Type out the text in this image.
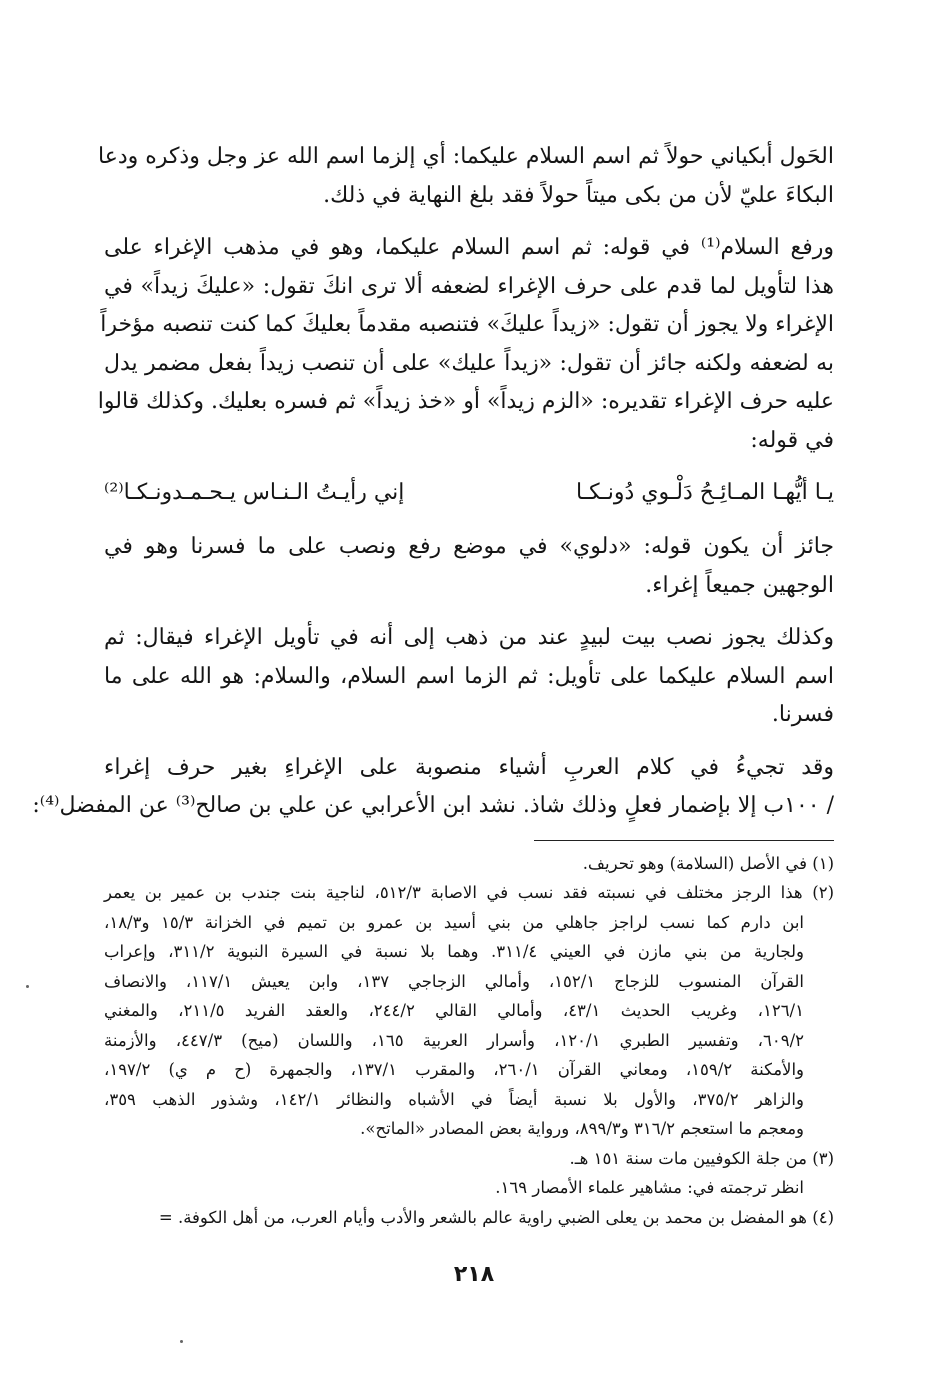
الحَول أبكياني حولاً ثم اسم السلام عليكما: أي إلزما اسم الله عز وجل وذكره ودعا
البكاءَ عليّ لأن من بكى ميتاً حولاً فقد بلغ النهاية في ذلك.
ورفع السلام⁽¹⁾ في قوله: ثم اسم السلام عليكما، وهو في مذهب الإغراء على
هذا لتأويل لما قدم على حرف الإغراء لضعفه ألا ترى انكَ تقول: «عليكَ زيداً» في
الإغراء ولا يجوز أن تقول: «زيداً عليكَ» فتنصبه مقدماً بعليكَ كما كنت تنصبه مؤخراً
به لضعفه ولكنه جائز أن تقول: «زيداً عليك» على أن تنصب زيداً بفعل مضمر يدل
عليه حرف الإغراء تقديره: «الزم زيداً» أو «خذ زيداً» ثم فسره بعليك. وكذلك قالوا
في قوله:
يـا أيُّهـا المـائِـحُ دَلْـوي دُونـكـا
إني رأيـتُ الـنـاس يـحـمـدونـكـا⁽²⁾
جائز أن يكون قوله: «دلوي» في موضع رفع ونصب على ما فسرنا وهو في
الوجهين جميعاً إغراء.
وكذلك يجوز نصب بيت لبيدٍ عند من ذهب إلى أنه في تأويل الإغراء فيقال: ثم
اسم السلام عليكما على تأويل: ثم الزما اسم السلام، والسلام: هو الله على ما
فسرنا.
وقد تجيءُ في كلام العربِ أشياء منصوبة على الإغراءِ بغير حرف إغراء
/ ١٠٠ب إلا بإضمار فعلٍ وذلك شاذ. نشد ابن الأعرابي عن علي بن صالح⁽³⁾ عن المفضل⁽⁴⁾:
(١) في الأصل (السلامة) وهو تحريف.
(٢) هذا الرجز مختلف في نسبته فقد نسب في الاصابة ٥١٢/٣، لناجية بنت جندب بن عمير بن يعمر
ابن دارم كما نسب لراجز جاهلي من بني أسيد بن عمرو بن تميم في الخزانة ١٥/٣ و١٨/٣،
ولجارية من بني مازن في العيني ٣١١/٤. وهما بلا نسبة في السيرة النبوية ٣١١/٢، وإعراب
القرآن المنسوب للزجاج ١٥٢/١، وأمالي الزجاجي ١٣٧، وابن يعيش ١١٧/١، والانصاف
١٢٦/١، وغريب الحديث ٤٣/١، وأمالي القالي ٢٤٤/٢، والعقد الفريد ٢١١/٥، والمغني
٦٠٩/٢، وتفسير الطبري ١٢٠/١، وأسرار العربية ١٦٥، واللسان (ميح) ٤٤٧/٣، والأزمنة
والأمكنة ١٥٩/٢، ومعاني القرآن ٢٦٠/١، والمقرب ١٣٧/١، والجمهرة (ح م ي) ١٩٧/٢،
والزاهر ٣٧٥/٢، والأول بلا نسبة أيضاً في الأشباه والنظائر ١٤٢/١، وشذور الذهب ٣٥٩،
ومعجم ما استعجم ٣١٦/٢ و٨٩٩/٣، ورواية بعض المصادر «الماتح».
(٣) من جلة الكوفيين مات سنة ١٥١ هـ.
انظر ترجمته في: مشاهير علماء الأمصار ١٦٩.
(٤) هو المفضل بن محمد بن يعلى الضبي راوية عالم بالشعر والأدب وأيام العرب، من أهل الكوفة. =
٢١٨
